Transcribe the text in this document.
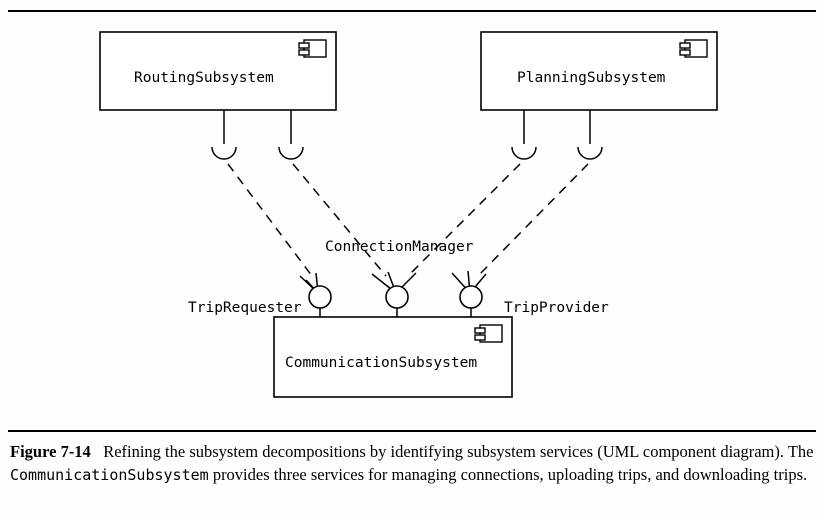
RoutingSubsystem	PlanningSubsystem
CommunicationSubsystem
TripRequester
ConnectionManager
TripProvider
Figure 7-14 Refining the subsystem decompositions by identifying subsystem services (UML component diagram). The CommunicationSubsystem provides three services for managing connections, uploading trips, and downloading trips.
